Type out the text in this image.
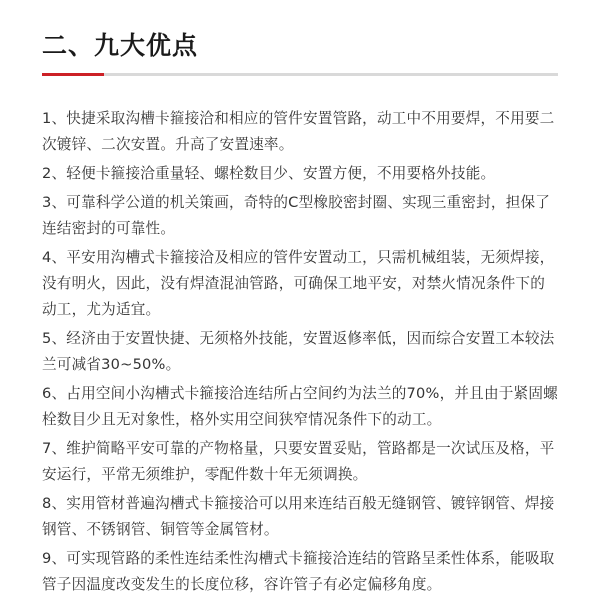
二、九大优点

1、快捷采取沟槽卡箍接洽和相应的管件安置管路，动工中不用要焊，不用要二次镀锌、二次安置。升高了安置速率。

2、轻便卡箍接洽重量轻、螺栓数目少、安置方便，不用要格外技能。

3、可靠科学公道的机关策画，奇特的C型橡胶密封圈、实现三重密封，担保了连结密封的可靠性。

4、平安用沟槽式卡箍接洽及相应的管件安置动工，只需机械组装，无须焊接，没有明火，因此，没有焊渣混油管路，可确保工地平安，对禁火情况条件下的动工，尤为适宜。

5、经济由于安置快捷、无须格外技能，安置返修率低，因而综合安置工本较法兰可减省30~50%。

6、占用空间小沟槽式卡箍接洽连结所占空间约为法兰的70%，并且由于紧固螺栓数目少且无对象性，格外实用空间狭窄情况条件下的动工。

7、维护简略平安可靠的产物格量，只要安置妥贴，管路都是一次试压及格，平安运行，平常无须维护，零配件数十年无须调换。

8、实用管材普遍沟槽式卡箍接洽可以用来连结百般无缝钢管、镀锌钢管、焊接钢管、不锈钢管、铜管等金属管材。

9、可实现管路的柔性连结柔性沟槽式卡箍接洽连结的管路呈柔性体系，能吸取管子因温度改变发生的长度位移，容许管子有必定偏移角度。
